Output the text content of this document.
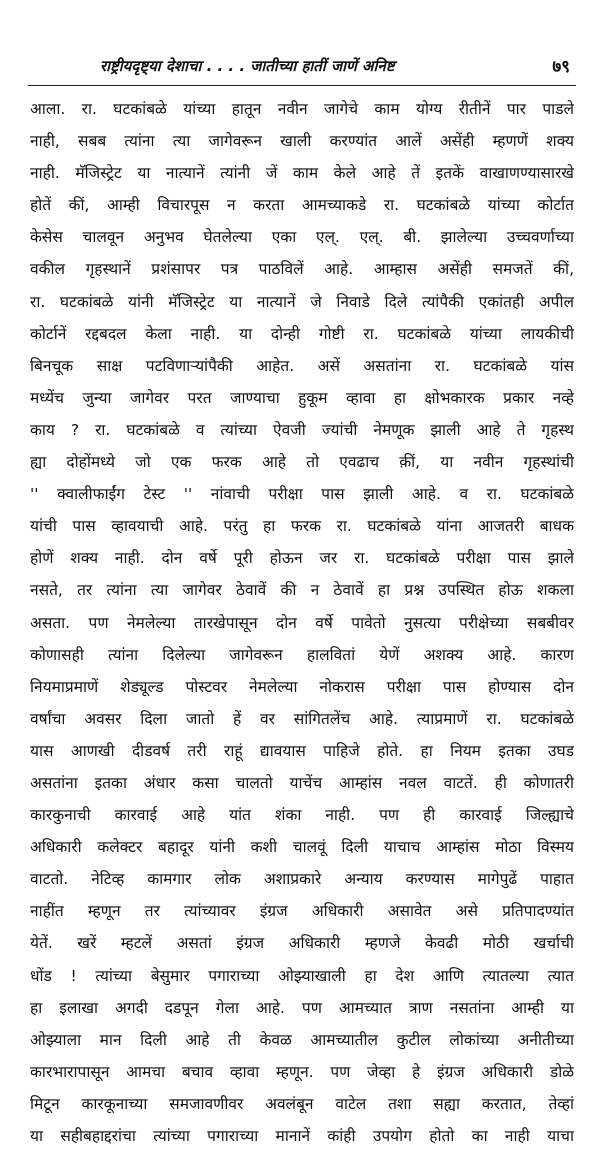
राष्ट्रीयदृष्ट्या देशाचा . . . . जातीच्या हातीं जाणें अनिष्ट	७९
आला. रा. घटकांबळे यांच्या हातून नवीन जागेचे काम योग्य रीतीनें पार पाडले
नाही, सबब त्यांना त्या जागेवरून खाली करण्यांत आलें असेंही म्हणणें शक्य
नाही. मॅजिस्ट्रेट या नात्यानें त्यांनी जें काम केले आहे तें इतकें वाखाणण्यासारखे
होतें कीं, आम्ही विचारपूस न करता आमच्याकडे रा. घटकांबळे यांच्या कोर्टात
केसेस चालवून अनुभव घेतलेल्या एका एल्. एल्. बी. झालेल्या उच्चवर्णाच्या
वकील गृहस्थानें प्रशंसापर पत्र पाठविलें आहे. आम्हास असेंही समजतें कीं,
रा. घटकांबळे यांनी मॅजिस्ट्रेट या नात्यानें जे निवाडे दिले त्यांपैकी एकांतही अपील
कोर्टानें रद्दबदल केला नाही. या दोन्ही गोष्टी रा. घटकांबळे यांच्या लायकीची
बिनचूक साक्ष पटविणाऱ्यांपैकी आहेत. असें असतांना रा. घटकांबळे यांस
मध्येंच जुन्या जागेवर परत जाण्याचा हुकूम व्हावा हा क्षोभकारक प्रकार नव्हे
काय ? रा. घटकांबळे व त्यांच्या ऐवजी ज्यांची नेमणूक झाली आहे ते गृहस्थ
ह्या दोहोंमध्ये जो एक फरक आहे तो एवढाच क़ीं, या नवीन गृहस्थांची
'' क्वालीफाईंग टेस्ट '' नांवाची परीक्षा पास झाली आहे. व रा. घटकांबळे
यांची पास व्हावयाची आहे. परंतु हा फरक रा. घटकांबळे यांना आजतरी बाधक
होणें शक्य नाही. दोन वर्षे पूरी होऊन जर रा. घटकांबळे परीक्षा पास झाले
नसते, तर त्यांना त्या जागेवर ठेवावें की न ठेवावें हा प्रश्न उपस्थित होऊ शकला
असता. पण नेमलेल्या तारखेपासून दोन वर्षे पावेतो नुसत्या परीक्षेच्या सबबीवर
कोणासही त्यांना दिलेल्या जागेवरून हालवितां येणें अशक्य आहे. कारण
नियमाप्रमाणें शेड्यूल्ड पोस्टवर नेमलेल्या नोकरास परीक्षा पास होण्यास दोन
वर्षांचा अवसर दिला जातो हें वर सांगितलेंच आहे. त्याप्रमाणें रा. घटकांबळे
यास आणखी दीडवर्ष तरी राहूं द्यावयास पाहिजे होते. हा नियम इतका उघड
असतांना इतका अंधार कसा चालतो याचेंच आम्हांस नवल वाटतें. ही कोणातरी
कारकुनाची कारवाई आहे यांत शंका नाही. पण ही कारवाई जिल्ह्याचे
अधिकारी कलेक्टर बहादूर यांनी कशी चालवूं दिली याचाच आम्हांस मोठा विस्मय
वाटतो. नेटिव्ह कामगार लोक अशाप्रकारे अन्याय करण्यास मागेपुढें पाहात
नाहींत म्हणून तर त्यांच्यावर इंग्रज अधिकारी असावेत असे प्रतिपादण्यांत
येतें. खरें म्हटलें असतां इंग्रज अधिकारी म्हणजे केवढी मोठी खर्चाची
धोंड ! त्यांच्या बेसुमार पगाराच्या ओझ्याखाली हा देश आणि त्यातल्या त्यात
हा इलाखा अगदी दडपून गेला आहे. पण आमच्यात त्राण नसतांना आम्ही या
ओझ्याला मान दिली आहे ती केवळ आमच्यातील कुटील लोकांच्या अनीतीच्या
कारभारापासून आमचा बचाव व्हावा म्हणून. पण जेव्हा हे इंग्रज अधिकारी डोळे
मिटून कारकूनाच्या समजावणीवर अवलंबून वाटेल तशा सह्या करतात, तेव्हां
या सहीबहाद्दरांचा त्यांच्या पगाराच्या मानानें कांही उपयोग होतो का नाही याचा
